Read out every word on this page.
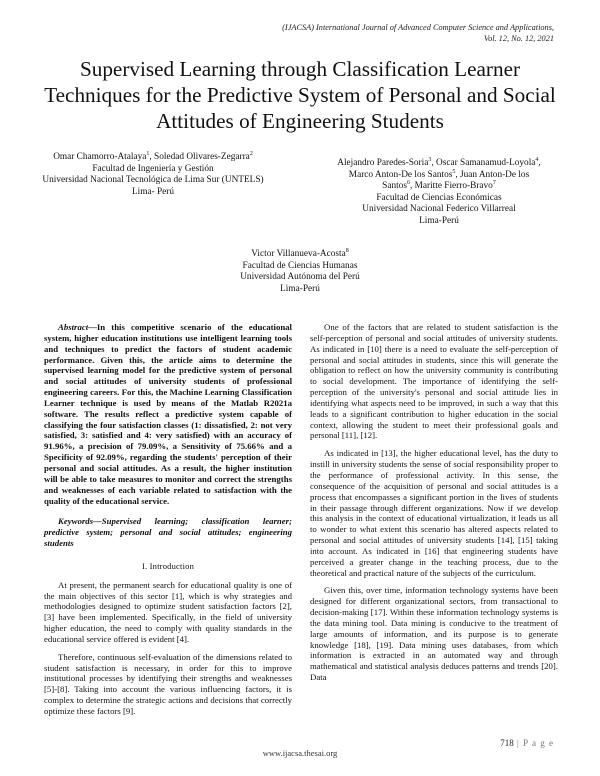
(IJACSA) International Journal of Advanced Computer Science and Applications,
Vol. 12, No. 12, 2021
Supervised Learning through Classification Learner Techniques for the Predictive System of Personal and Social Attitudes of Engineering Students
Omar Chamorro-Atalaya$^1$, Soledad Olivares-Zegarra$^2$
Facultad de Ingeniería y Gestión
Universidad Nacional Tecnológica de Lima Sur (UNTELS)
Lima- Perú
Alejandro Paredes-Soria$^3$, Oscar Samanamud-Loyola$^4$,
Marco Anton-De los Santos$^5$, Juan Anton-De los
Santos$^6$, Maritte Fierro-Bravo$^7$
Facultad de Ciencias Económicas
Universidad Nacional Federico Villarreal
Lima-Perú
Victor Villanueva-Acosta$^8$
Facultad de Ciencias Humanas
Universidad Autónoma del Perú
Lima-Perú

Abstract—In this competitive scenario of the educational system, higher education institutions use intelligent learning tools and techniques to predict the factors of student academic performance. Given this, the article aims to determine the supervised learning model for the predictive system of personal and social attitudes of university students of professional engineering careers. For this, the Machine Learning Classification Learner technique is used by means of the Matlab R2021a software. The results reflect a predictive system capable of classifying the four satisfaction classes (1: dissatisfied, 2: not very satisfied, 3: satisfied and 4: very satisfied) with an accuracy of 91.96%, a precision of 79.09%, a Sensitivity of 75.66% and a Specificity of 92.09%, regarding the students' perception of their personal and social attitudes. As a result, the higher institution will be able to take measures to monitor and correct the strengths and weaknesses of each variable related to satisfaction with the quality of the educational service.

Keywords—Supervised learning; classification learner; predictive system; personal and social attitudes; engineering students

I. Introduction

At present, the permanent search for educational quality is one of the main objectives of this sector [1], which is why strategies and methodologies designed to optimize student satisfaction factors [2], [3] have been implemented. Specifically, in the field of university higher education, the need to comply with quality standards in the educational service offered is evident [4].

Therefore, continuous self-evaluation of the dimensions related to student satisfaction is necessary, in order for this to improve institutional processes by identifying their strengths and weaknesses [5]-[8]. Taking into account the various influencing factors, it is complex to determine the strategic actions and decisions that correctly optimize these factors [9].

One of the factors that are related to student satisfaction is the self-perception of personal and social attitudes of university students. As indicated in [10] there is a need to evaluate the self-perception of personal and social attitudes in students, since this will generate the obligation to reflect on how the university community is contributing to social development. The importance of identifying the self-perception of the university's personal and social attitude lies in identifying what aspects need to be improved, in such a way that this leads to a significant contribution to higher education in the social context, allowing the student to meet their professional goals and personal [11], [12].

As indicated in [13], the higher educational level, has the duty to instill in university students the sense of social responsibility proper to the performance of professional activity. In this sense, the consequence of the acquisition of personal and social attitudes is a process that encompasses a significant portion in the lives of students in their passage through different organizations. Now if we develop this analysis in the context of educational virtualization, it leads us all to wonder to what extent this scenario has altered aspects related to personal and social attitudes of university students [14], [15] taking into account. As indicated in [16] that engineering students have perceived a greater change in the teaching process, due to the theoretical and practical nature of the subjects of the curriculum.

Given this, over time, information technology systems have been designed for different organizational sectors, from transactional to decision-making [17]. Within these information technology systems is the data mining tool. Data mining is conducive to the treatment of large amounts of information, and its purpose is to generate knowledge [18], [19]. Data mining uses databases, from which information is extracted in an automated way and through mathematical and statistical analysis deduces patterns and trends [20]. Data

718 | P a g e
www.ijacsa.thesai.org
